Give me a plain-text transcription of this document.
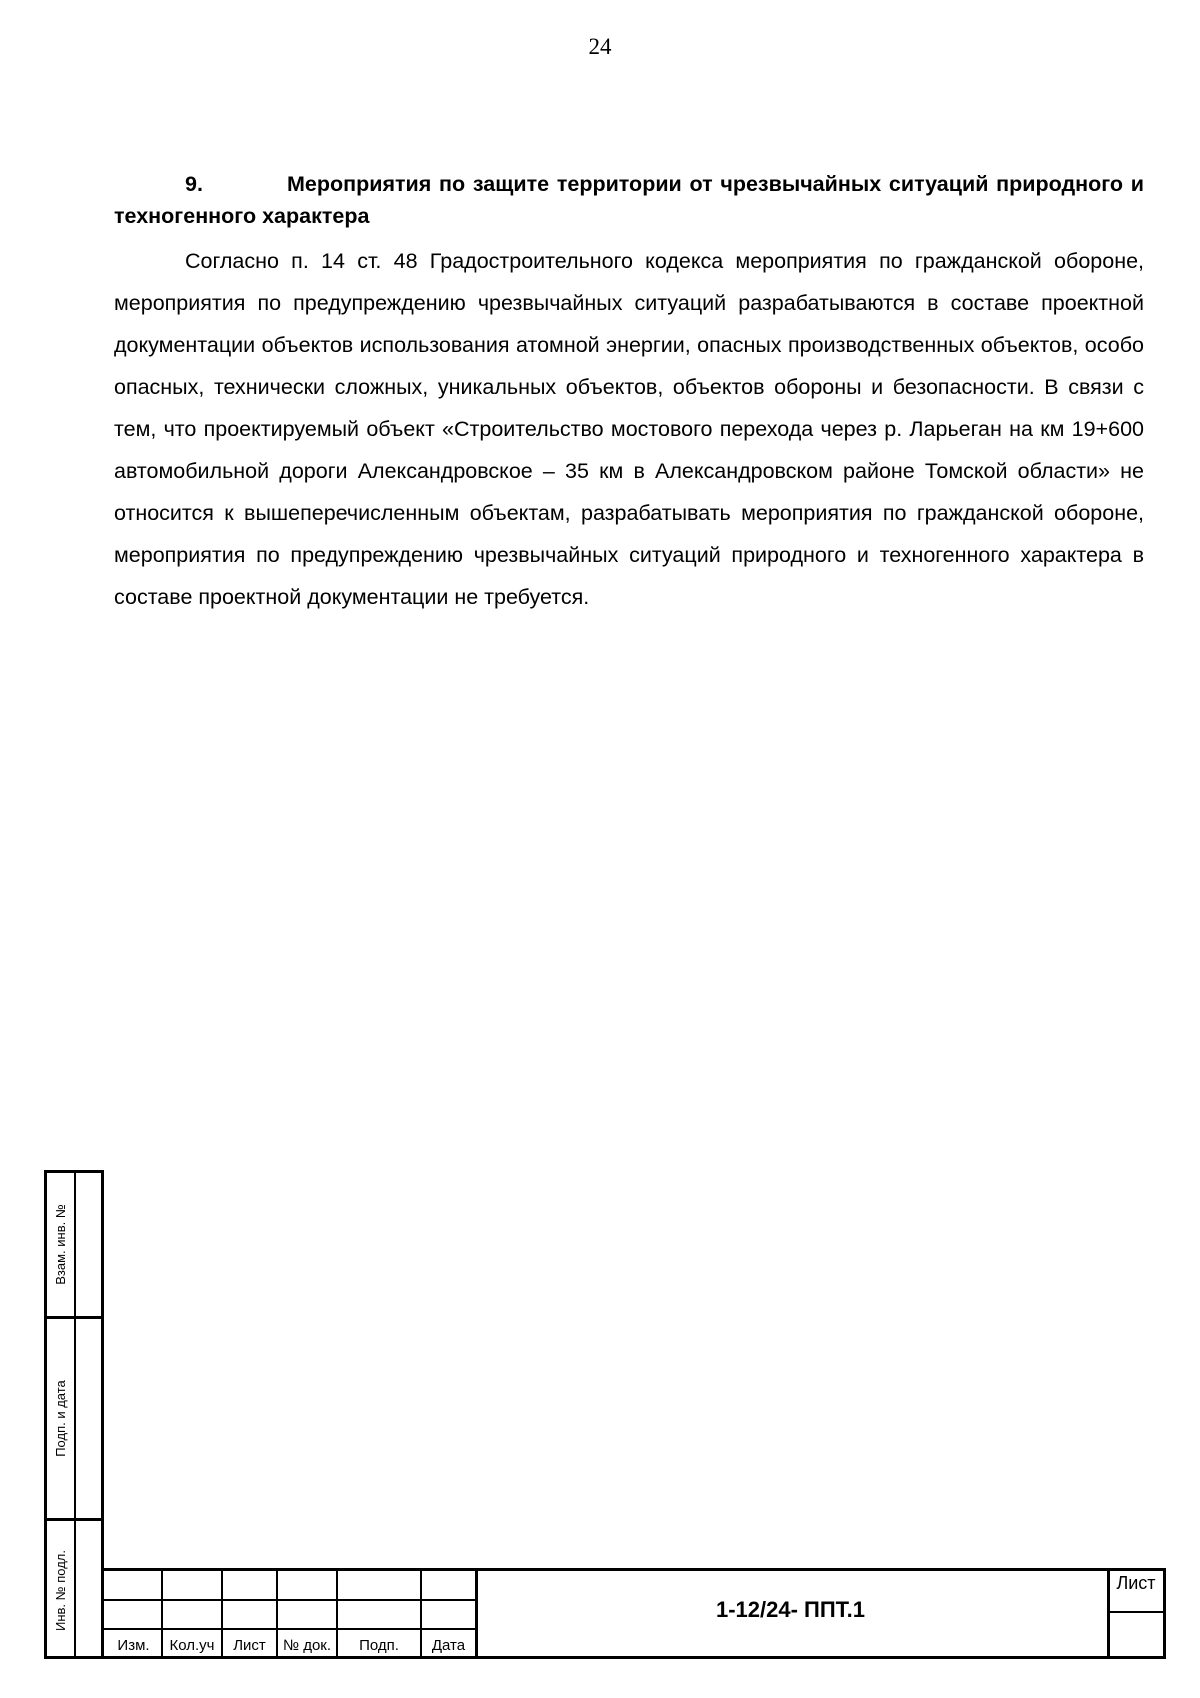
24

9.	Мероприятия по защите территории от чрезвычайных ситуаций природного и техногенного характера

Согласно п. 14 ст. 48 Градостроительного кодекса мероприятия по гражданской обороне, мероприятия по предупреждению чрезвычайных ситуаций разрабатываются в составе проектной документации объектов использования атомной энергии, опасных производственных объектов, особо опасных, технически сложных, уникальных объектов, объектов обороны и безопасности. В связи с тем, что проектируемый объект «Строительство мостового перехода через р. Ларьеган на км 19+600 автомобильной дороги Александровское – 35 км в Александровском районе Томской области» не относится к вышеперечисленным объектам, разрабатывать мероприятия по гражданской обороне, мероприятия по предупреждению чрезвычайных ситуаций природного и техногенного характера в составе проектной документации не требуется.

Взам. инв. №
Подп. и дата
Инв. № подл.
Изм.	Кол.уч	Лист	№ док.	Подп.	Дата
1-12/24- ППТ.1
Лист
